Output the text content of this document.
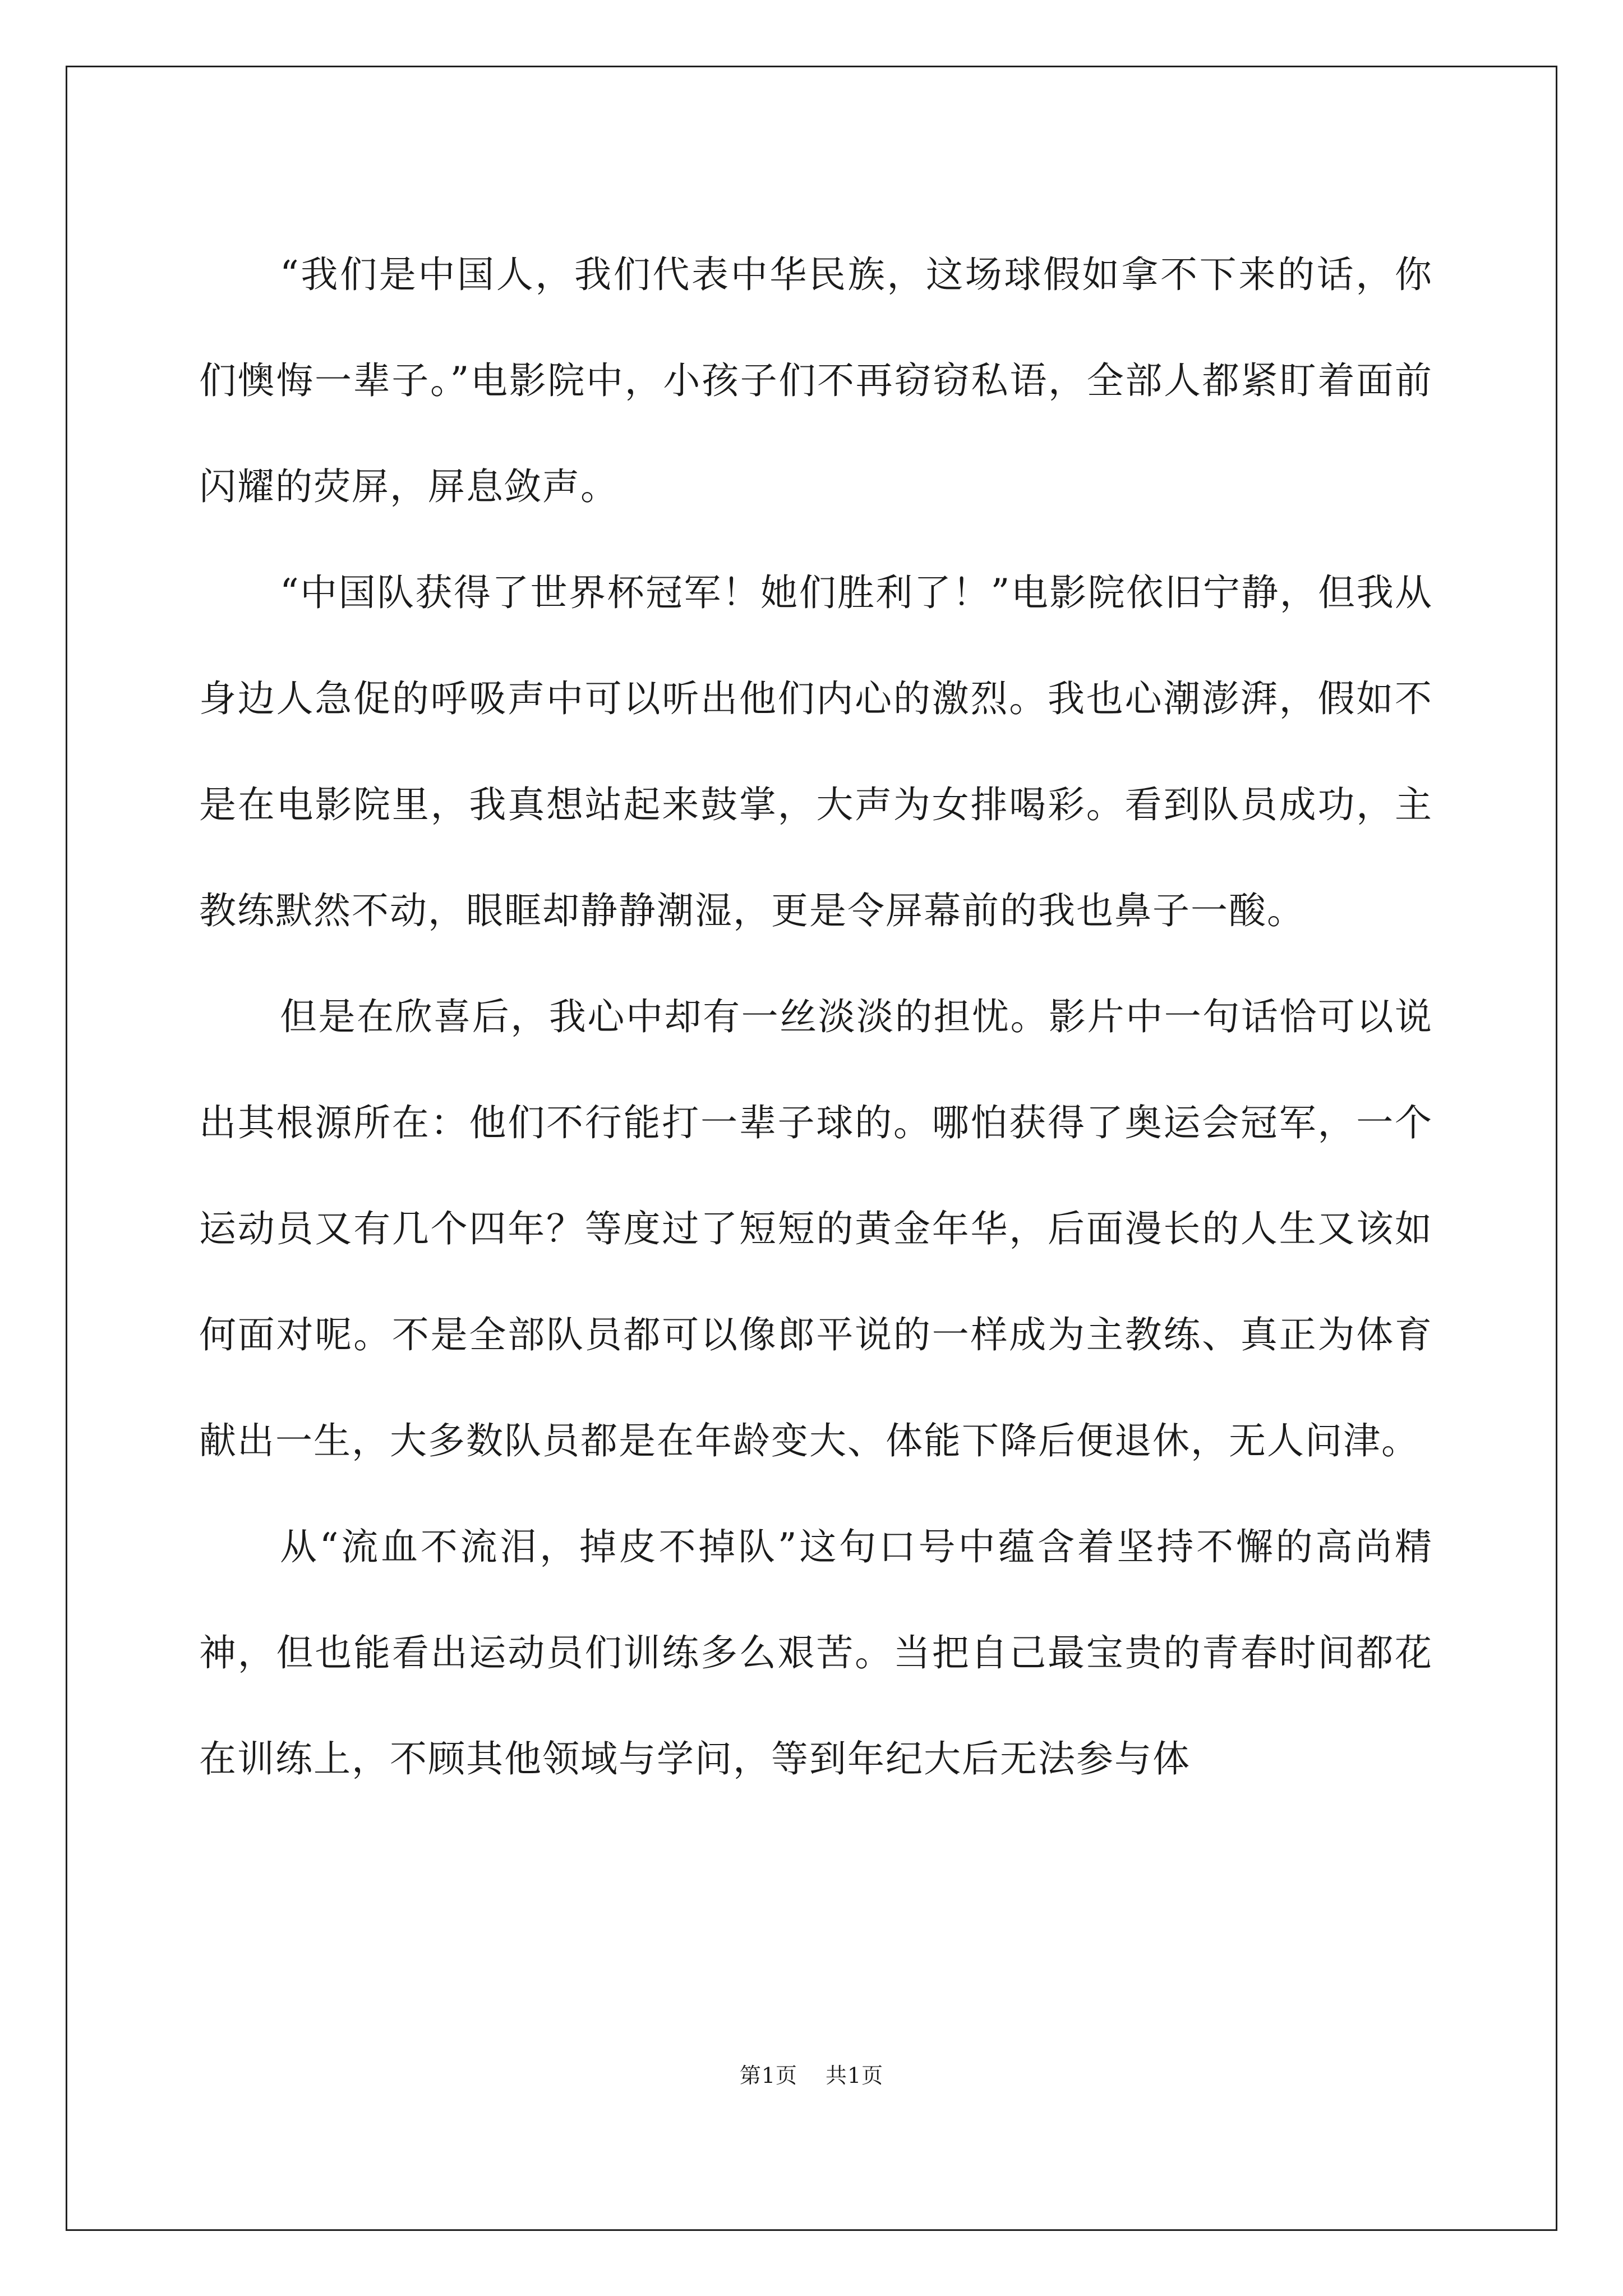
“我们是中国人，我们代表中华民族，这场球假如拿不下来的话，你们懊悔一辈子。”电影院中，小孩子们不再窃窃私语，全部人都紧盯着面前闪耀的荧屏，屏息敛声。

“中国队获得了世界杯冠军！她们胜利了！”电影院依旧宁静，但我从身边人急促的呼吸声中可以听出他们内心的激烈。我也心潮澎湃，假如不是在电影院里，我真想站起来鼓掌，大声为女排喝彩。看到队员成功，主教练默然不动，眼眶却静静潮湿，更是令屏幕前的我也鼻子一酸。

但是在欣喜后，我心中却有一丝淡淡的担忧。影片中一句话恰可以说出其根源所在：他们不行能打一辈子球的。哪怕获得了奥运会冠军，一个运动员又有几个四年？等度过了短短的黄金年华，后面漫长的人生又该如何面对呢。不是全部队员都可以像郎平说的一样成为主教练、真正为体育献出一生，大多数队员都是在年龄变大、体能下降后便退休，无人问津。

从“流血不流泪，掉皮不掉队”这句口号中蕴含着坚持不懈的高尚精神，但也能看出运动员们训练多么艰苦。当把自己最宝贵的青春时间都花在训练上，不顾其他领域与学问，等到年纪大后无法参与体

第1页 共1页
